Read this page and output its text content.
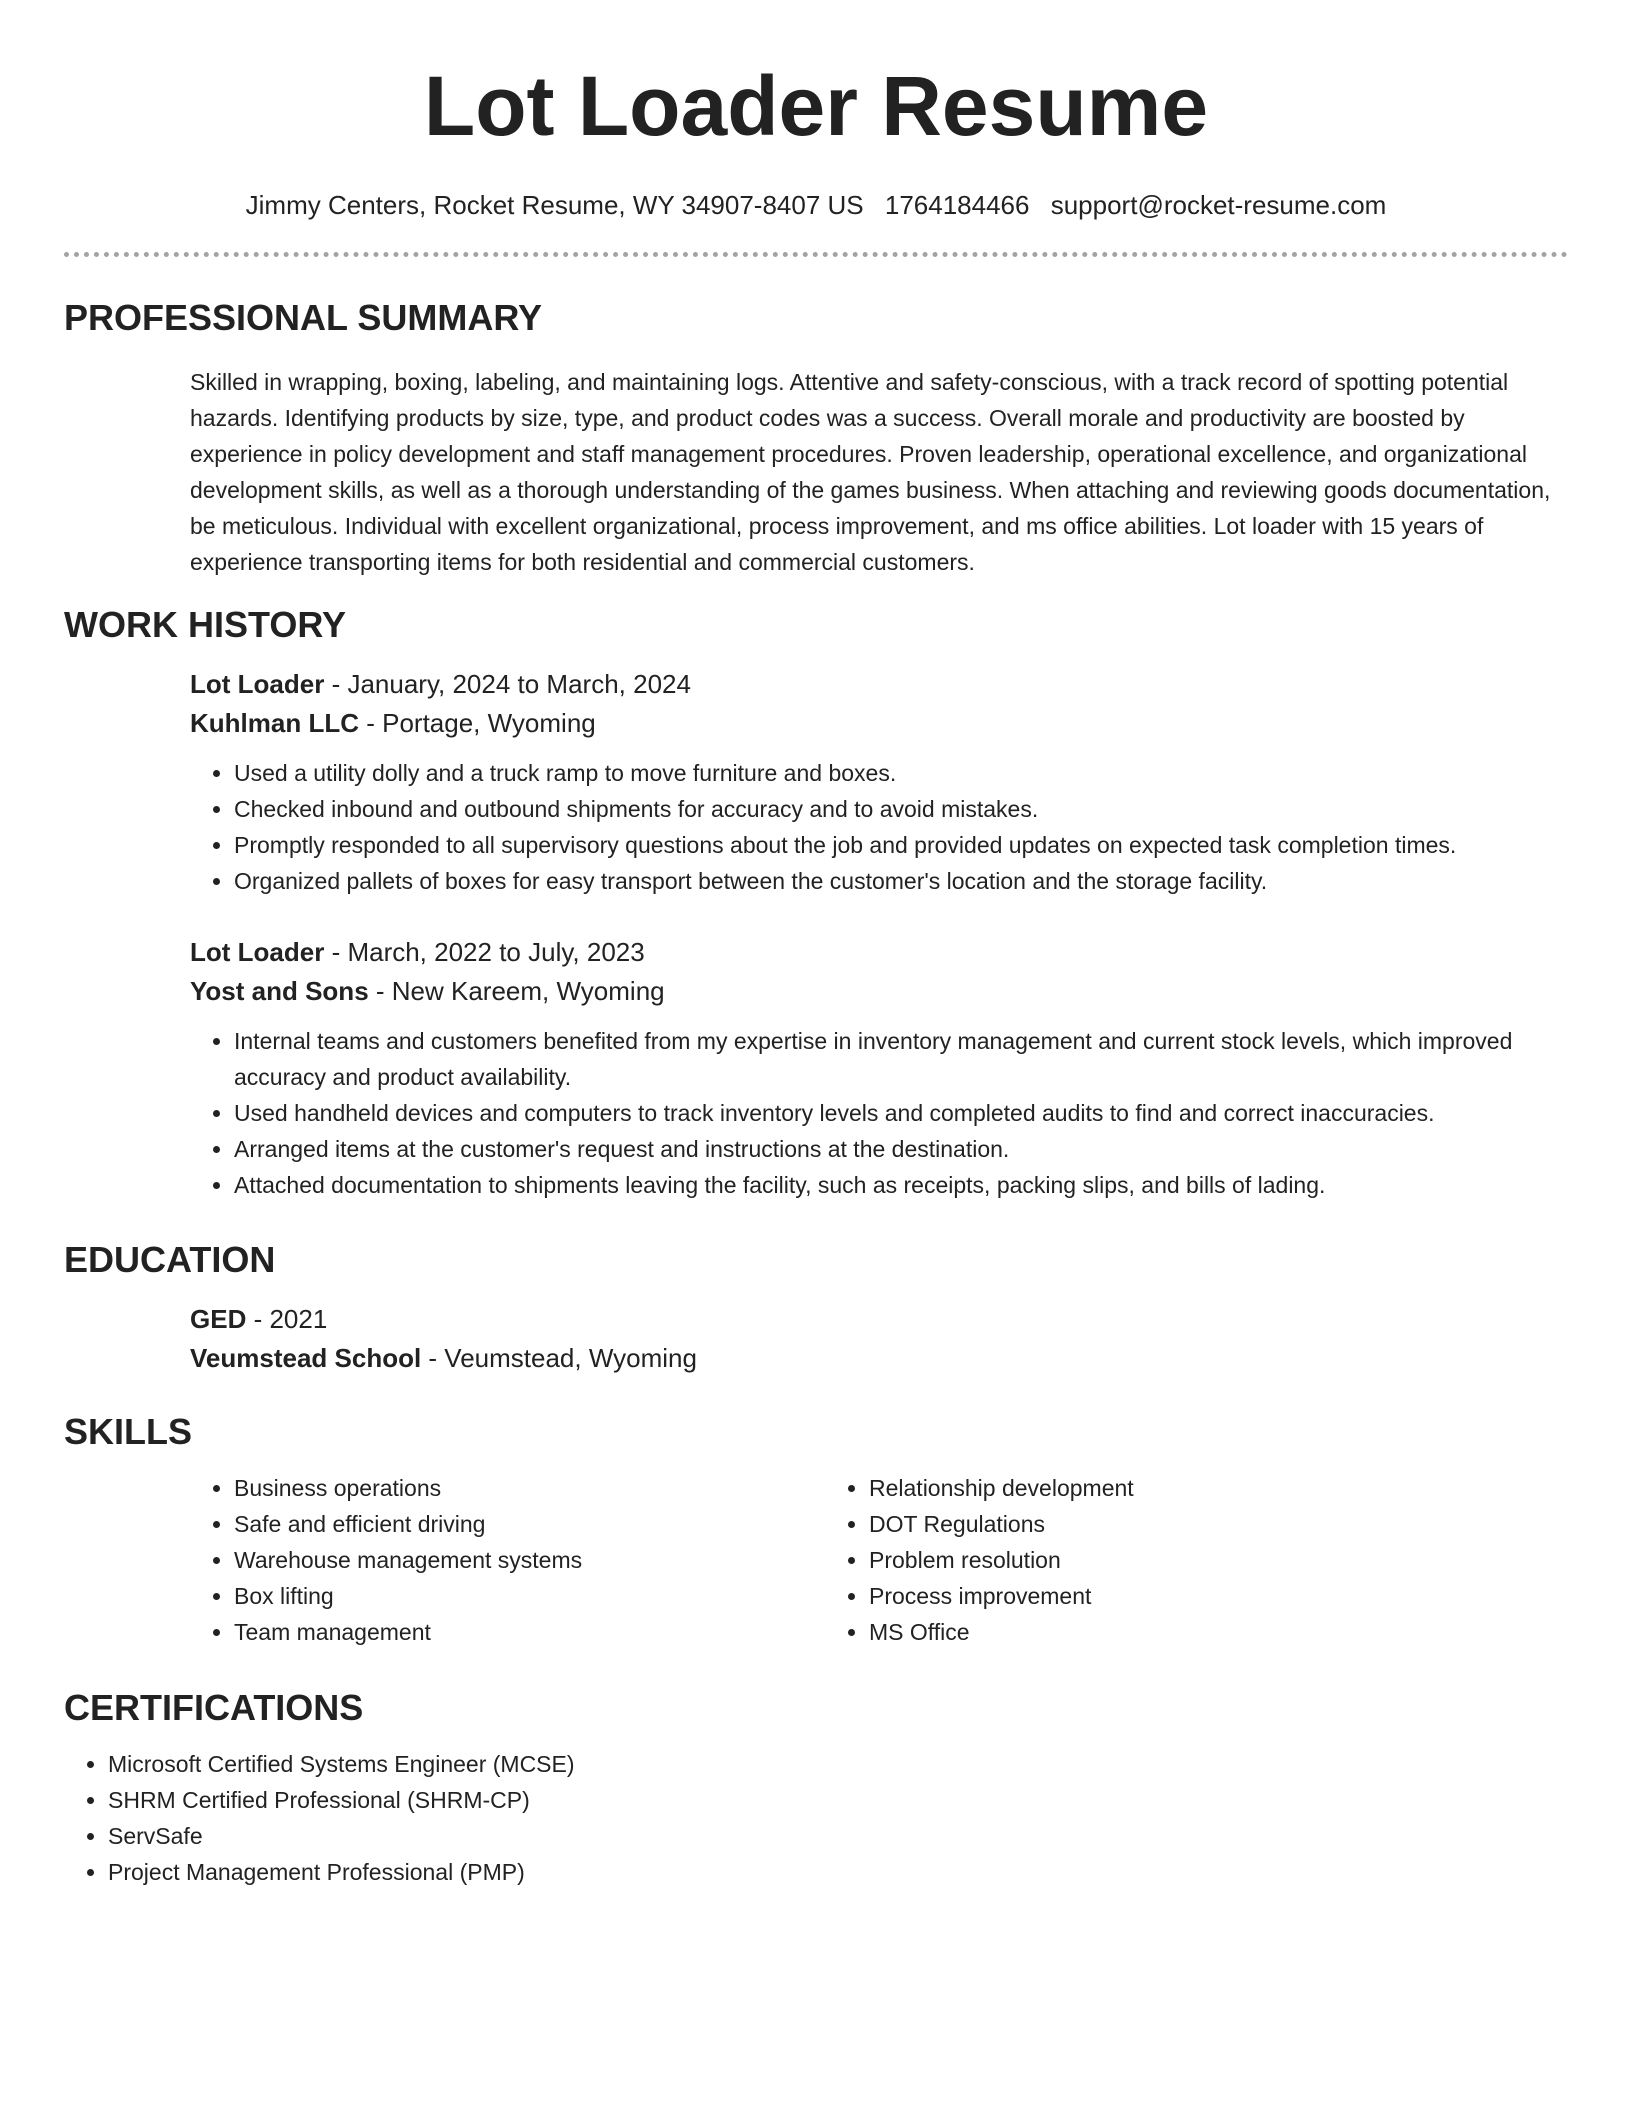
Lot Loader Resume
Jimmy Centers, Rocket Resume, WY 34907-8407 US 1764184466 support@rocket-resume.com
PROFESSIONAL SUMMARY

Skilled in wrapping, boxing, labeling, and maintaining logs. Attentive and safety-conscious, with a track record of spotting potential hazards. Identifying products by size, type, and product codes was a success. Overall morale and productivity are boosted by experience in policy development and staff management procedures. Proven leadership, operational excellence, and organizational development skills, as well as a thorough understanding of the games business. When attaching and reviewing goods documentation, be meticulous. Individual with excellent organizational, process improvement, and ms office abilities. Lot loader with 15 years of experience transporting items for both residential and commercial customers.

WORK HISTORY
Lot Loader - January, 2024 to March, 2024
Kuhlman LLC - Portage, Wyoming
• Used a utility dolly and a truck ramp to move furniture and boxes.
• Checked inbound and outbound shipments for accuracy and to avoid mistakes.
• Promptly responded to all supervisory questions about the job and provided updates on expected task completion times.
• Organized pallets of boxes for easy transport between the customer's location and the storage facility.
Lot Loader - March, 2022 to July, 2023
Yost and Sons - New Kareem, Wyoming
• Internal teams and customers benefited from my expertise in inventory management and current stock levels, which improved accuracy and product availability.
• Used handheld devices and computers to track inventory levels and completed audits to find and correct inaccuracies.
• Arranged items at the customer's request and instructions at the destination.
• Attached documentation to shipments leaving the facility, such as receipts, packing slips, and bills of lading.
EDUCATION
GED - 2021
Veumstead School - Veumstead, Wyoming
SKILLS
• Business operations
• Safe and efficient driving
• Warehouse management systems
• Box lifting
• Team management
• Relationship development
• DOT Regulations
• Problem resolution
• Process improvement
• MS Office
CERTIFICATIONS
• Microsoft Certified Systems Engineer (MCSE)
• SHRM Certified Professional (SHRM-CP)
• ServSafe
• Project Management Professional (PMP)
